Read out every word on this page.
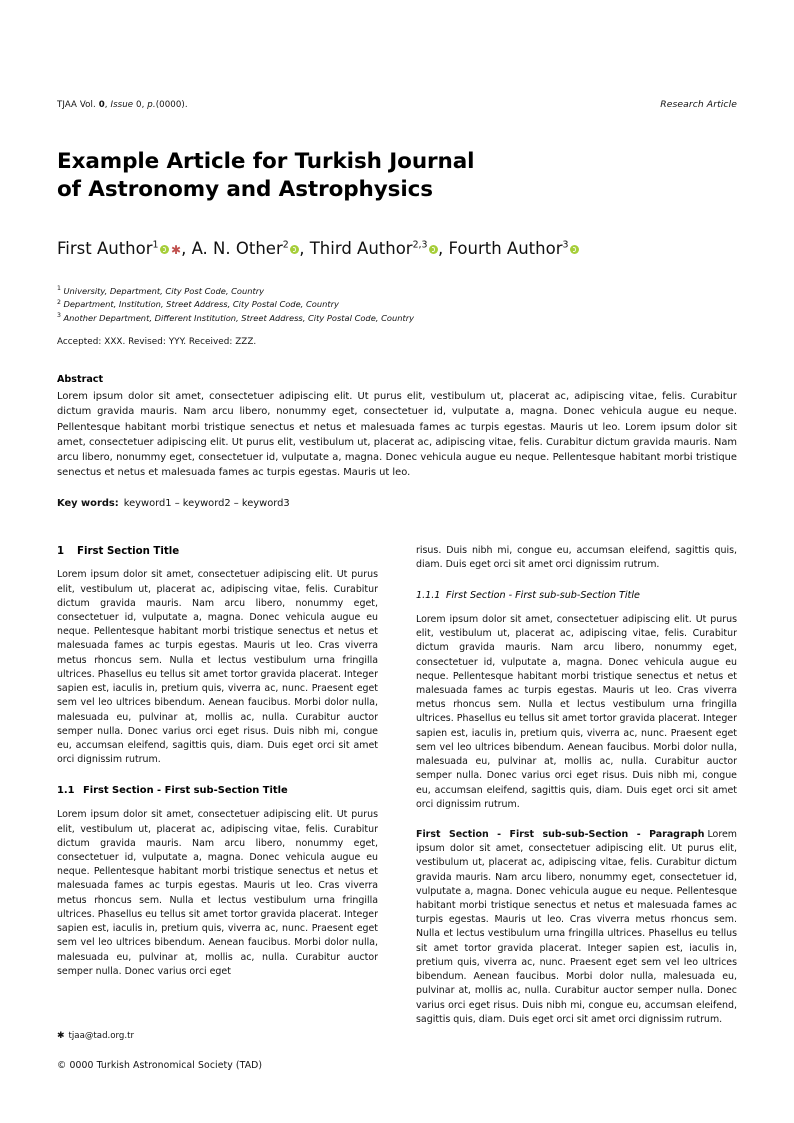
TJAA Vol. 0, Issue 0, p.(0000).	Research Article
Example Article for Turkish Journal
of Astronomy and Astrophysics
First Author$^1$ ✱, A. N. Other$^2$ , Third Author$^{2,3}$ , Fourth Author$^3$
$^1$ University, Department, City Post Code, Country
$^2$ Department, Institution, Street Address, City Postal Code, Country
$^3$ Another Department, Different Institution, Street Address, City Postal Code, Country
Accepted: XXX. Revised: YYY. Received: ZZZ.
Abstract
Lorem ipsum dolor sit amet, consectetuer adipiscing elit. Ut purus elit, vestibulum ut, placerat ac, adipiscing vitae, felis. Curabitur dictum gravida mauris. Nam arcu libero, nonummy eget, consectetuer id, vulputate a, magna. Donec vehicula augue eu neque. Pellentesque habitant morbi tristique senectus et netus et malesuada fames ac turpis egestas. Mauris ut leo. Lorem ipsum dolor sit amet, consectetuer adipiscing elit. Ut purus elit, vestibulum ut, placerat ac, adipiscing vitae, felis. Curabitur dictum gravida mauris. Nam arcu libero, nonummy eget, consectetuer id, vulputate a, magna. Donec vehicula augue eu neque. Pellentesque habitant morbi tristique senectus et netus et malesuada fames ac turpis egestas. Mauris ut leo.
Key words: keyword1 – keyword2 – keyword3
1 First Section Title

Lorem ipsum dolor sit amet, consectetuer adipiscing elit. Ut purus elit, vestibulum ut, placerat ac, adipiscing vitae, felis. Curabitur dictum gravida mauris. Nam arcu libero, nonummy eget, consectetuer id, vulputate a, magna. Donec vehicula augue eu neque. Pellentesque habitant morbi tristique senectus et netus et malesuada fames ac turpis egestas. Mauris ut leo. Cras viverra metus rhoncus sem. Nulla et lectus vestibulum urna fringilla ultrices. Phasellus eu tellus sit amet tortor gravida placerat. Integer sapien est, iaculis in, pretium quis, viverra ac, nunc. Praesent eget sem vel leo ultrices bibendum. Aenean faucibus. Morbi dolor nulla, malesuada eu, pulvinar at, mollis ac, nulla. Curabitur auctor semper nulla. Donec varius orci eget risus. Duis nibh mi, congue eu, accumsan eleifend, sagittis quis, diam. Duis eget orci sit amet orci dignissim rutrum.

1.1 First Section - First sub-Section Title

Lorem ipsum dolor sit amet, consectetuer adipiscing elit. Ut purus elit, vestibulum ut, placerat ac, adipiscing vitae, felis. Curabitur dictum gravida mauris. Nam arcu libero, nonummy eget, consectetuer id, vulputate a, magna. Donec vehicula augue eu neque. Pellentesque habitant morbi tristique senectus et netus et malesuada fames ac turpis egestas. Mauris ut leo. Cras viverra metus rhoncus sem. Nulla et lectus vestibulum urna fringilla ultrices. Phasellus eu tellus sit amet tortor gravida placerat. Integer sapien est, iaculis in, pretium quis, viverra ac, nunc. Praesent eget sem vel leo ultrices bibendum. Aenean faucibus. Morbi dolor nulla, malesuada eu, pulvinar at, mollis ac, nulla. Curabitur auctor semper nulla. Donec varius orci eget

risus. Duis nibh mi, congue eu, accumsan eleifend, sagittis quis, diam. Duis eget orci sit amet orci dignissim rutrum.

1.1.1 First Section - First sub-sub-Section Title

Lorem ipsum dolor sit amet, consectetuer adipiscing elit. Ut purus elit, vestibulum ut, placerat ac, adipiscing vitae, felis. Curabitur dictum gravida mauris. Nam arcu libero, nonummy eget, consectetuer id, vulputate a, magna. Donec vehicula augue eu neque. Pellentesque habitant morbi tristique senectus et netus et malesuada fames ac turpis egestas. Mauris ut leo. Cras viverra metus rhoncus sem. Nulla et lectus vestibulum urna fringilla ultrices. Phasellus eu tellus sit amet tortor gravida placerat. Integer sapien est, iaculis in, pretium quis, viverra ac, nunc. Praesent eget sem vel leo ultrices bibendum. Aenean faucibus. Morbi dolor nulla, malesuada eu, pulvinar at, mollis ac, nulla. Curabitur auctor semper nulla. Donec varius orci eget risus. Duis nibh mi, congue eu, accumsan eleifend, sagittis quis, diam. Duis eget orci sit amet orci dignissim rutrum.

First Section - First sub-sub-Section - Paragraph Lorem ipsum dolor sit amet, consectetuer adipiscing elit. Ut purus elit, vestibulum ut, placerat ac, adipiscing vitae, felis. Curabitur dictum gravida mauris. Nam arcu libero, nonummy eget, consectetuer id, vulputate a, magna. Donec vehicula augue eu neque. Pellentesque habitant morbi tristique senectus et netus et malesuada fames ac turpis egestas. Mauris ut leo. Cras viverra metus rhoncus sem. Nulla et lectus vestibulum urna fringilla ultrices. Phasellus eu tellus sit amet tortor gravida placerat. Integer sapien est, iaculis in, pretium quis, viverra ac, nunc. Praesent eget sem vel leo ultrices bibendum. Aenean faucibus. Morbi dolor nulla, malesuada eu, pulvinar at, mollis ac, nulla. Curabitur auctor semper nulla. Donec varius orci eget risus. Duis nibh mi, congue eu, accumsan eleifend, sagittis quis, diam. Duis eget orci sit amet orci dignissim rutrum.

✱ tjaa@tad.org.tr
© 0000 Turkish Astronomical Society (TAD)
